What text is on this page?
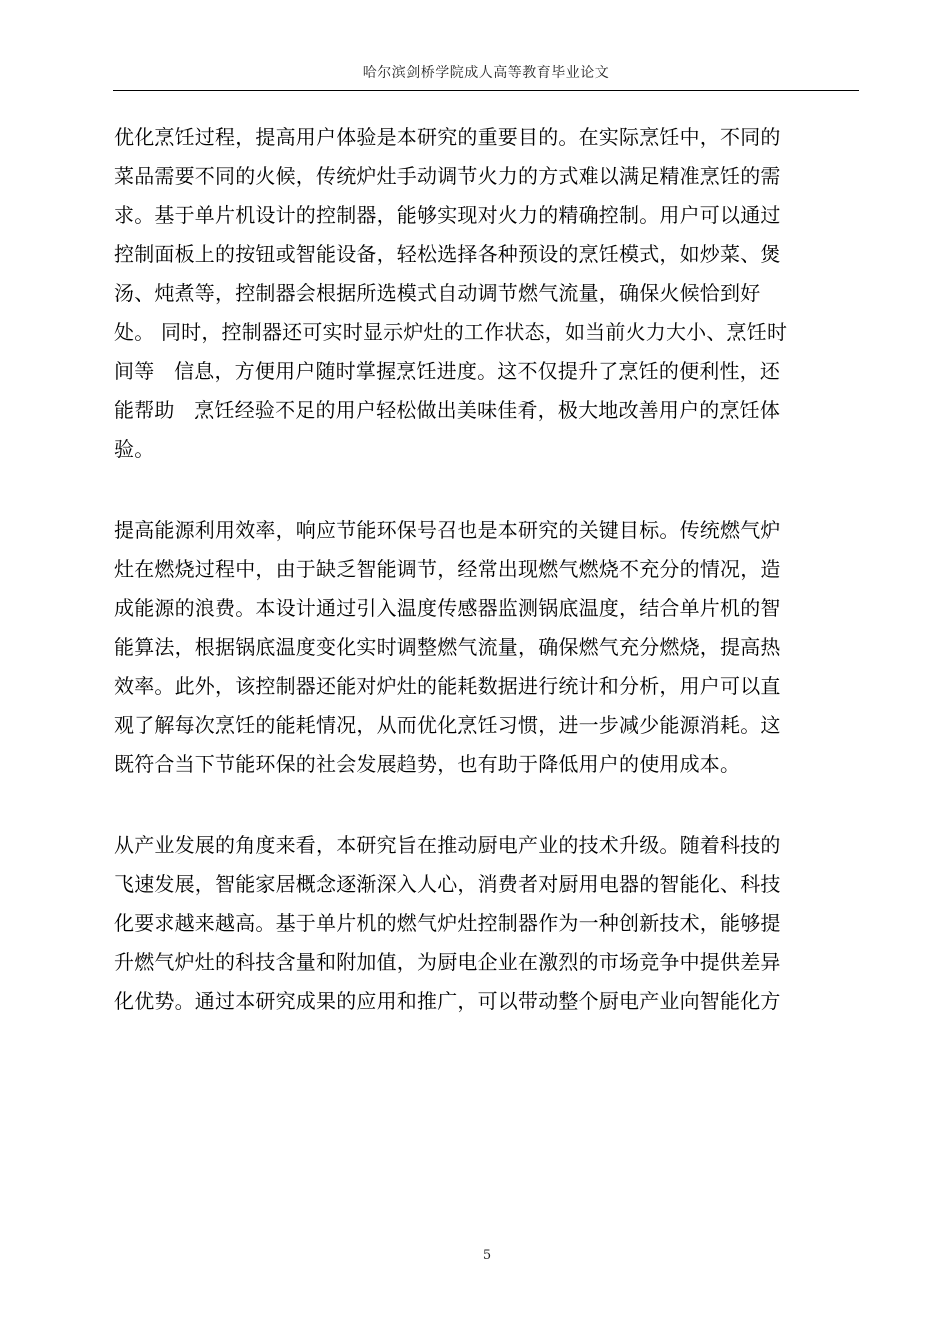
哈尔滨剑桥学院成人高等教育毕业论文
优化烹饪过程，提高用户体验是本研究的重要目的。在实际烹饪中，不同的
菜品需要不同的火候，传统炉灶手动调节火力的方式难以满足精准烹饪的需
求。基于单片机设计的控制器，能够实现对火力的精确控制。用户可以通过
控制面板上的按钮或智能设备，轻松选择各种预设的烹饪模式，如炒菜、煲
汤、炖煮等，控制器会根据所选模式自动调节燃气流量，确保火候恰到好
处。 同时，控制器还可实时显示炉灶的工作状态，如当前火力大小、烹饪时
间等   信息，方便用户随时掌握烹饪进度。这不仅提升了烹饪的便利性，还
能帮助   烹饪经验不足的用户轻松做出美味佳肴，极大地改善用户的烹饪体
验。
提高能源利用效率，响应节能环保号召也是本研究的关键目标。传统燃气炉
灶在燃烧过程中，由于缺乏智能调节，经常出现燃气燃烧不充分的情况，造
成能源的浪费。本设计通过引入温度传感器监测锅底温度，结合单片机的智
能算法，根据锅底温度变化实时调整燃气流量，确保燃气充分燃烧，提高热
效率。此外，该控制器还能对炉灶的能耗数据进行统计和分析，用户可以直
观了解每次烹饪的能耗情况，从而优化烹饪习惯，进一步减少能源消耗。这
既符合当下节能环保的社会发展趋势，也有助于降低用户的使用成本。
从产业发展的角度来看，本研究旨在推动厨电产业的技术升级。随着科技的
飞速发展，智能家居概念逐渐深入人心，消费者对厨用电器的智能化、科技
化要求越来越高。基于单片机的燃气炉灶控制器作为一种创新技术，能够提
升燃气炉灶的科技含量和附加值，为厨电企业在激烈的市场竞争中提供差异
化优势。通过本研究成果的应用和推广，可以带动整个厨电产业向智能化方
5
